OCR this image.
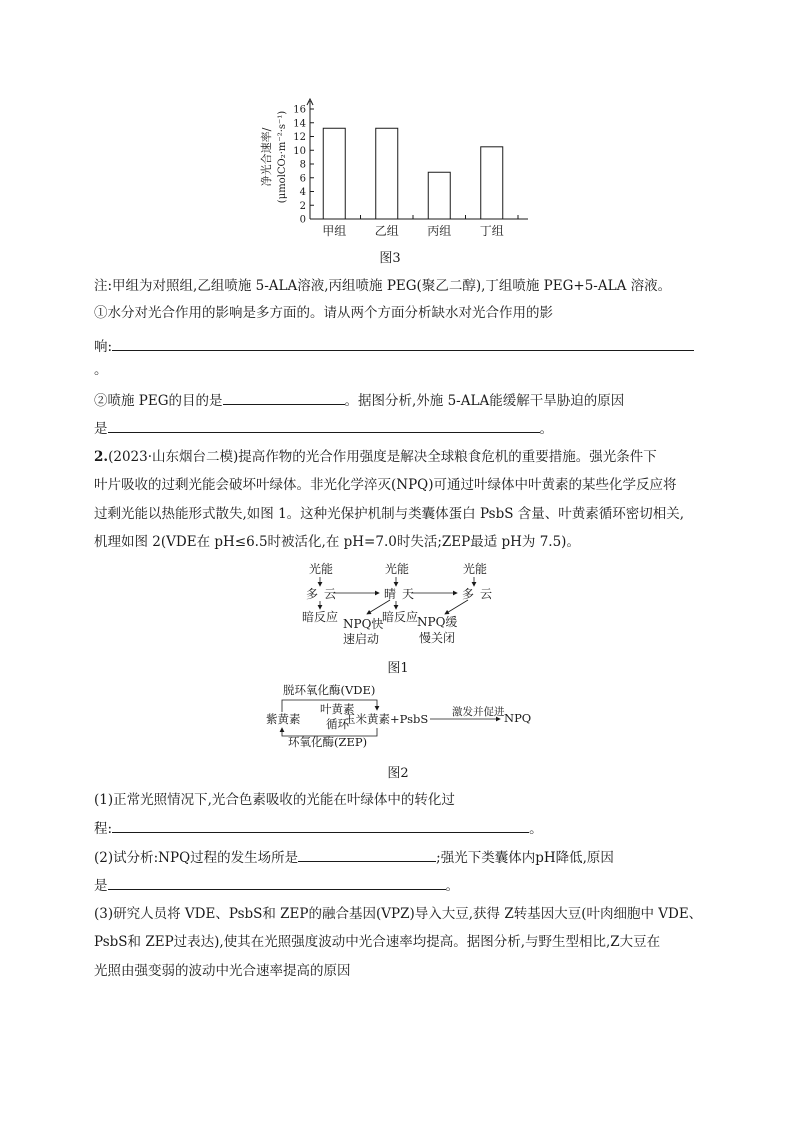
0
2
4
6
8
10
12
14
16
甲组 乙组 丙组 丁组
净光合速率/ (μmolCO₂·m⁻²·s⁻¹)
图3
注:甲组为对照组,乙组喷施 5-ALA溶液,丙组喷施 PEG(聚乙二醇),丁组喷施 PEG+5-ALA 溶液。
①水分对光合作用的影响是多方面的。请从两个方面分析缺水对光合作用的影
响:
。
②喷施 PEG的目的是	。据图分析,外施 5-ALA能缓解干旱胁迫的原因
是	。
2.(2023·山东烟台二模)提高作物的光合作用强度是解决全球粮食危机的重要措施。强光条件下
叶片吸收的过剩光能会破坏叶绿体。非光化学淬灭(NPQ)可通过叶绿体中叶黄素的某些化学反应将
过剩光能以热能形式散失,如图 1。这种光保护机制与类囊体蛋白 PsbS 含量、叶黄素循环密切相关,
机理如图 2(VDE在 pH≤6.5时被活化,在 pH=7.0时失活;ZEP最适 pH为 7.5)。
光能
多云
暗反应
光能
晴天
暗反应
NPQ快
速启动
光能
多云
NPQ缓
慢关闭
图1
脱环氧化酶(VDE)
紫黄素
叶黄素
循环
玉米黄素+PsbS 激发并促进 NPQ
环氧化酶(ZEP)
图2
(1)正常光照情况下,光合色素吸收的光能在叶绿体中的转化过
程:	。
(2)试分析:NPQ过程的发生场所是	;强光下类囊体内pH降低,原因
是	。
(3)研究人员将 VDE、PsbS和 ZEP的融合基因(VPZ)导入大豆,获得 Z转基因大豆(叶肉细胞中 VDE、
PsbS和 ZEP过表达),使其在光照强度波动中光合速率均提高。据图分析,与野生型相比,Z大豆在
光照由强变弱的波动中光合速率提高的原因
